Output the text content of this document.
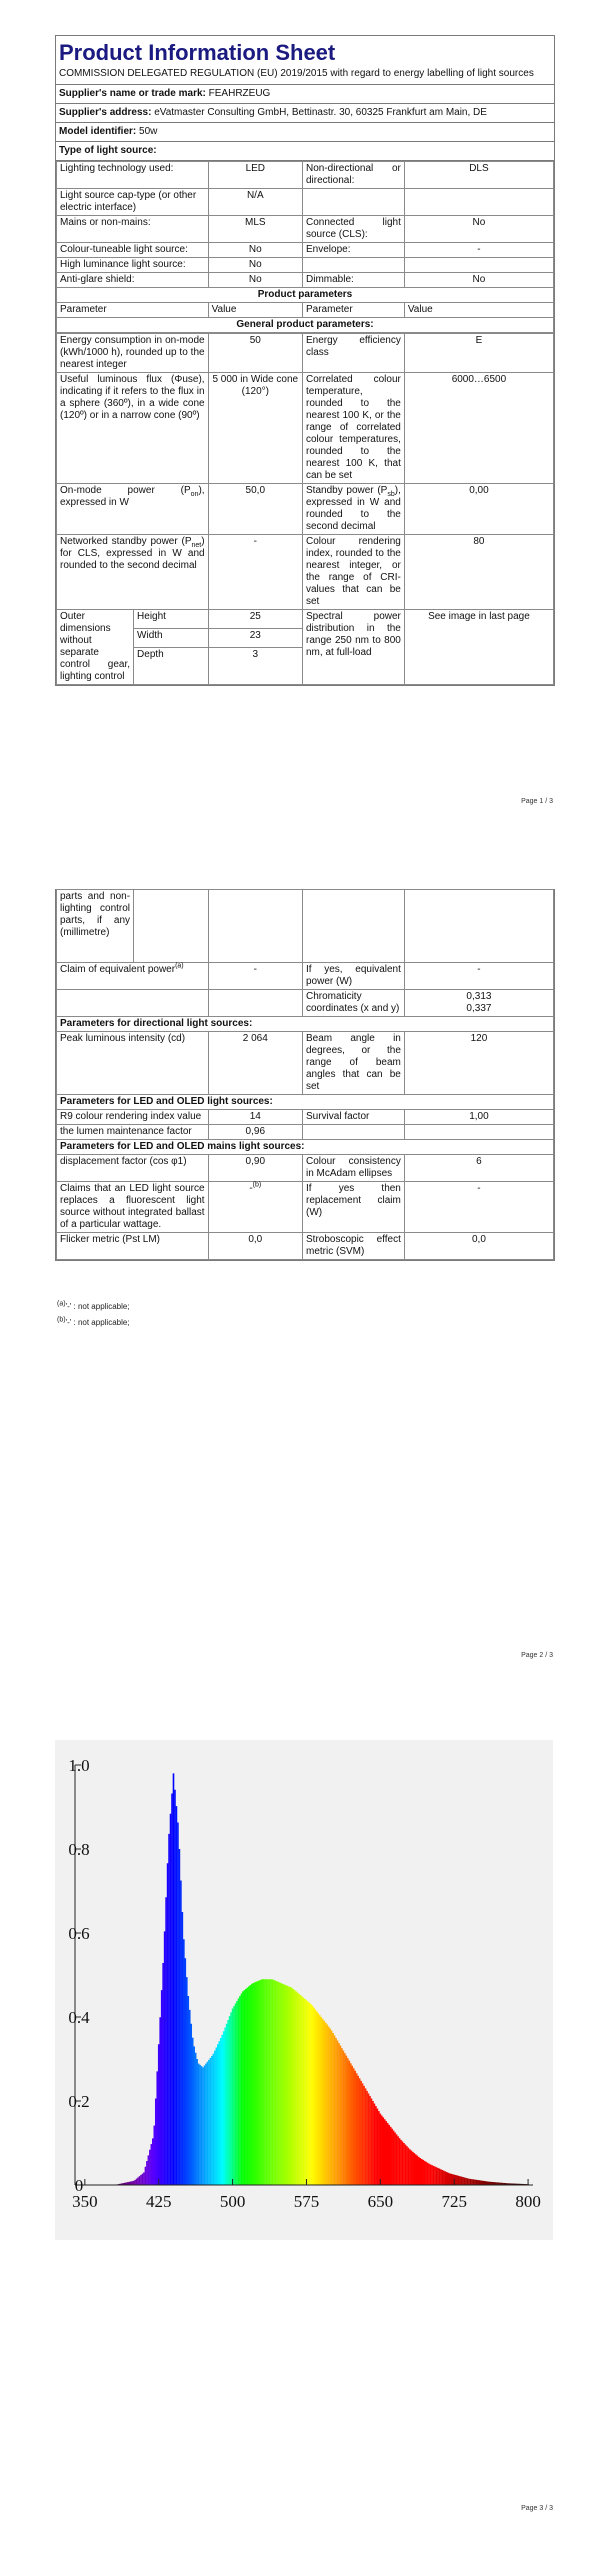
Product Information Sheet
COMMISSION DELEGATED REGULATION (EU) 2019/2015 with regard to energy labelling of light sources
Supplier's name or trade mark: FEAHRZEUG
Supplier's address: eVatmaster Consulting GmbH, Bettinastr. 30, 60325 Frankfurt am Main, DE
Model identifier: 50w
Type of light source:
Lighting technology used:	LED	Non-directional or directional:	DLS
Light source cap-type (or other electric interface)	N/A		
Mains or non-mains:	MLS	Connected light source (CLS):	No
Colour-tuneable light source:	No	Envelope:	-
High luminance light source:	No		
Anti-glare shield:	No	Dimmable:	No
Product parameters			
Parameter	Value	Parameter	Value
General product parameters:			
Energy consumption in on-mode (kWh/1000 h), rounded up to the nearest integer		50	Energy efficiency class	E
Useful luminous flux (Φuse), indicating if it refers to the flux in a sphere (360º), in a wide cone (120º) or in a narrow cone (90º)		5 000 in Wide cone (120°)	Correlated colour temperature, rounded to the nearest 100 K, or the range of correlated colour temperatures, rounded to the nearest 100 K, that can be set	6000…6500
On-mode power $(P_{on})$, expressed in W		50,0	Standby power $(P_{sb})$, expressed in W and rounded to the second decimal	0,00
Networked standby power $(P_{net})$ for CLS, expressed in W and rounded to the second decimal		-	Colour rendering index, rounded to the nearest integer, or the range of CRI-values that can be set	80
Outer dimensions without separate control gear, lighting control	Height	25	Spectral power distribution in the range 250 nm to 800 nm, at full-load	See image in last page
	Width	23		
	Depth	3		
Page 1 / 3
parts and non-lighting control parts, if any (millimetre)				
Claim of equivalent power$^{(a)}$		-	If yes, equivalent power (W)	-
			Chromaticity coordinates (x and y)	0,313
0,337

Parameters for directional light sources:				
Peak luminous intensity (cd)		2 064	Beam angle in degrees, or the range of beam angles that can be set	120
Parameters for LED and OLED light sources:				
R9 colour rendering index value		14	Survival factor	1,00
the lumen maintenance factor		0,96		
Parameters for LED and OLED mains light sources:				
displacement factor (cos φ1)		0,90	Colour consistency in McAdam ellipses	6
Claims that an LED light source replaces a fluorescent light source without integrated ballast of a particular wattage.		-$^{(b)}$	If yes then replacement claim (W)	-
Flicker metric (Pst LM)		0,0	Stroboscopic effect metric (SVM)	0,0
$^{(a)}$'-' : not applicable;
$^{(b)}$'-' : not applicable;
Page 2 / 3
0
0.2
0.4
0.6
0.8
1.0
350	425	500	575	650	725	800
Page 3 / 3
